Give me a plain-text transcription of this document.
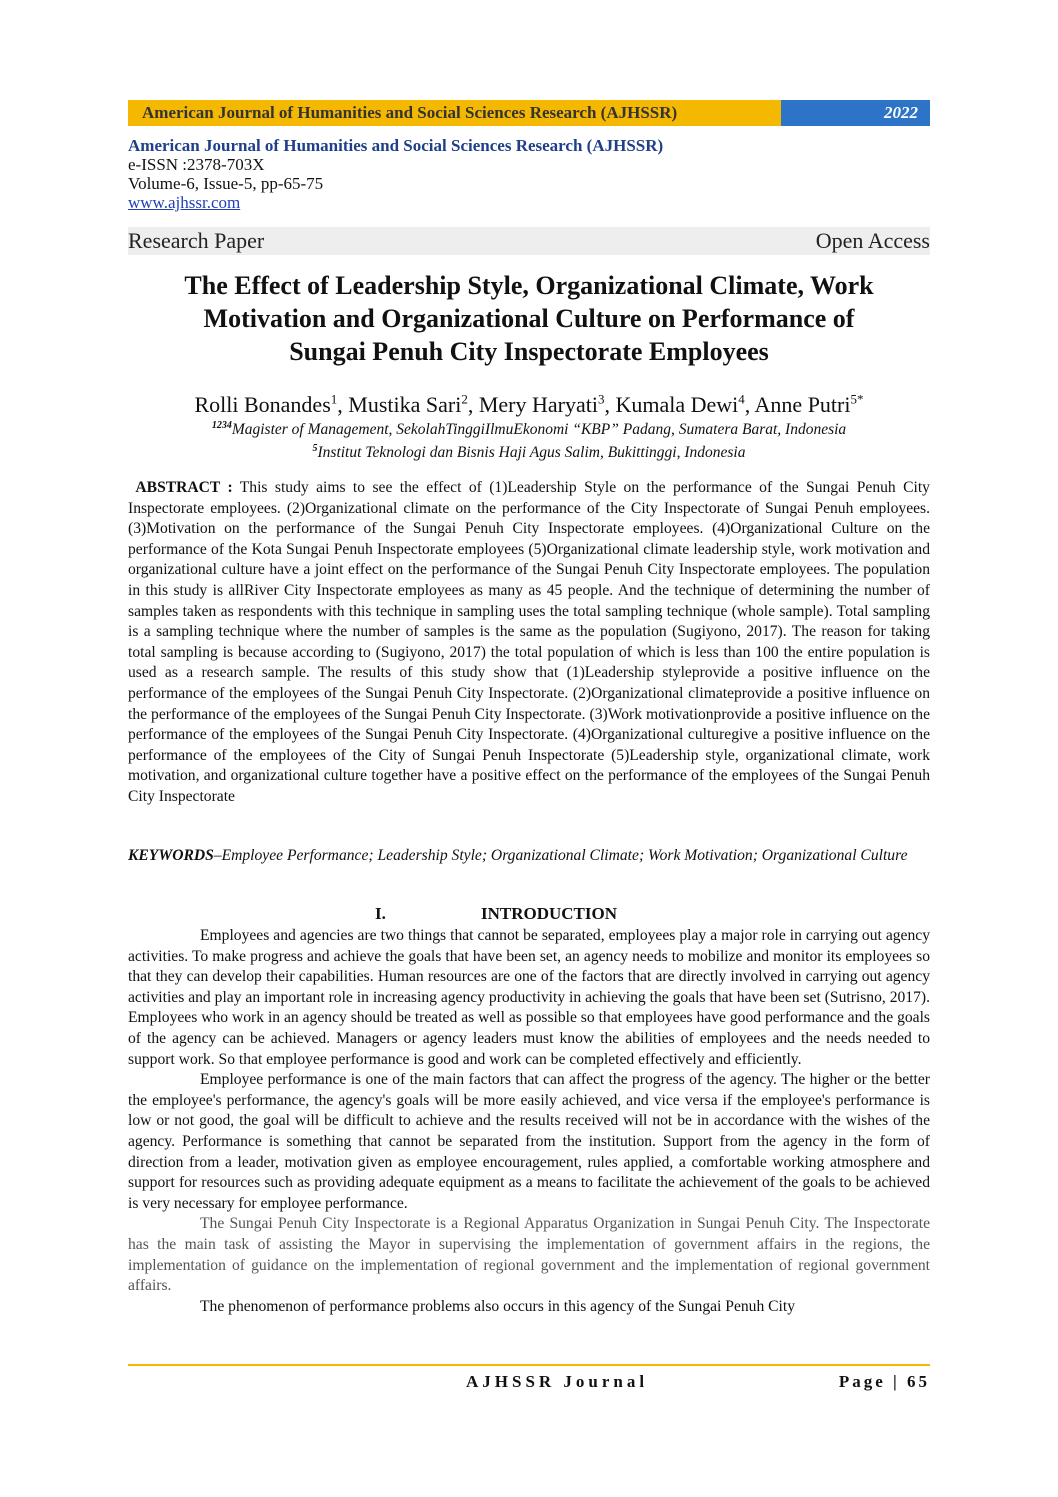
American Journal of Humanities and Social Sciences Research (AJHSSR)	2022
American Journal of Humanities and Social Sciences Research (AJHSSR)
e-ISSN :2378-703X
Volume-6, Issue-5, pp-65-75
www.ajhssr.com
Research Paper	Open Access
The Effect of Leadership Style, Organizational Climate, Work
Motivation and Organizational Culture on Performance of
Sungai Penuh City Inspectorate Employees
Rolli Bonandes$^1$, Mustika Sari$^2$, Mery Haryati$^3$, Kumala Dewi$^4$, Anne Putri$^{5*}$
$^{1234}$Magister of Management, SekolahTinggiIlmuEkonomi “KBP” Padang, Sumatera Barat, Indonesia
$^5$Institut Teknologi dan Bisnis Haji Agus Salim, Bukittinggi, Indonesia
ABSTRACT : This study aims to see the effect of (1)Leadership Style on the performance of the Sungai Penuh City Inspectorate employees. (2)Organizational climate on the performance of the City Inspectorate of Sungai Penuh employees.(3)Motivation on the performance of the Sungai Penuh City Inspectorate employees. (4)Organizational Culture on the performance of the Kota Sungai Penuh Inspectorate employees (5)Organizational climate leadership style, work motivation and organizational culture have a joint effect on the performance of the Sungai Penuh City Inspectorate employees. The population in this study is allRiver City Inspectorate employees as many as 45 people. And the technique of determining the number of samples taken as respondents with this technique in sampling uses the total sampling technique (whole sample). Total sampling is a sampling technique where the number of samples is the same as the population (Sugiyono, 2017). The reason for taking total sampling is because according to (Sugiyono, 2017) the total population of which is less than 100 the entire population is used as a research sample. The results of this study show that (1)Leadership styleprovide a positive influence on the performance of the employees of the Sungai Penuh City Inspectorate. (2)Organizational climateprovide a positive influence on the performance of the employees of the Sungai Penuh City Inspectorate. (3)Work motivationprovide a positive influence on the performance of the employees of the Sungai Penuh City Inspectorate. (4)Organizational culturegive a positive influence on the performance of the employees of the City of Sungai Penuh Inspectorate (5)Leadership style, organizational climate, work motivation, and organizational culture together have a positive effect on the performance of the employees of the Sungai Penuh City Inspectorate
KEYWORDS–Employee Performance; Leadership Style; Organizational Climate; Work Motivation; Organizational Culture
I.	INTRODUCTION

Employees and agencies are two things that cannot be separated, employees play a major role in carrying out agency activities. To make progress and achieve the goals that have been set, an agency needs to mobilize and monitor its employees so that they can develop their capabilities. Human resources are one of the factors that are directly involved in carrying out agency activities and play an important role in increasing agency productivity in achieving the goals that have been set (Sutrisno, 2017). Employees who work in an agency should be treated as well as possible so that employees have good performance and the goals of the agency can be achieved. Managers or agency leaders must know the abilities of employees and the needs needed to support work. So that employee performance is good and work can be completed effectively and efficiently.

Employee performance is one of the main factors that can affect the progress of the agency. The higher or the better the employee's performance, the agency's goals will be more easily achieved, and vice versa if the employee's performance is low or not good, the goal will be difficult to achieve and the results received will not be in accordance with the wishes of the agency. Performance is something that cannot be separated from the institution. Support from the agency in the form of direction from a leader, motivation given as employee encouragement, rules applied, a comfortable working atmosphere and support for resources such as providing adequate equipment as a means to facilitate the achievement of the goals to be achieved is very necessary for employee performance.

The Sungai Penuh City Inspectorate is a Regional Apparatus Organization in Sungai Penuh City. The Inspectorate has the main task of assisting the Mayor in supervising the implementation of government affairs in the regions, the implementation of guidance on the implementation of regional government and the implementation of regional government affairs.

The phenomenon of performance problems also occurs in this agency of the Sungai Penuh City

AJHSSR Journal	Page | 65
